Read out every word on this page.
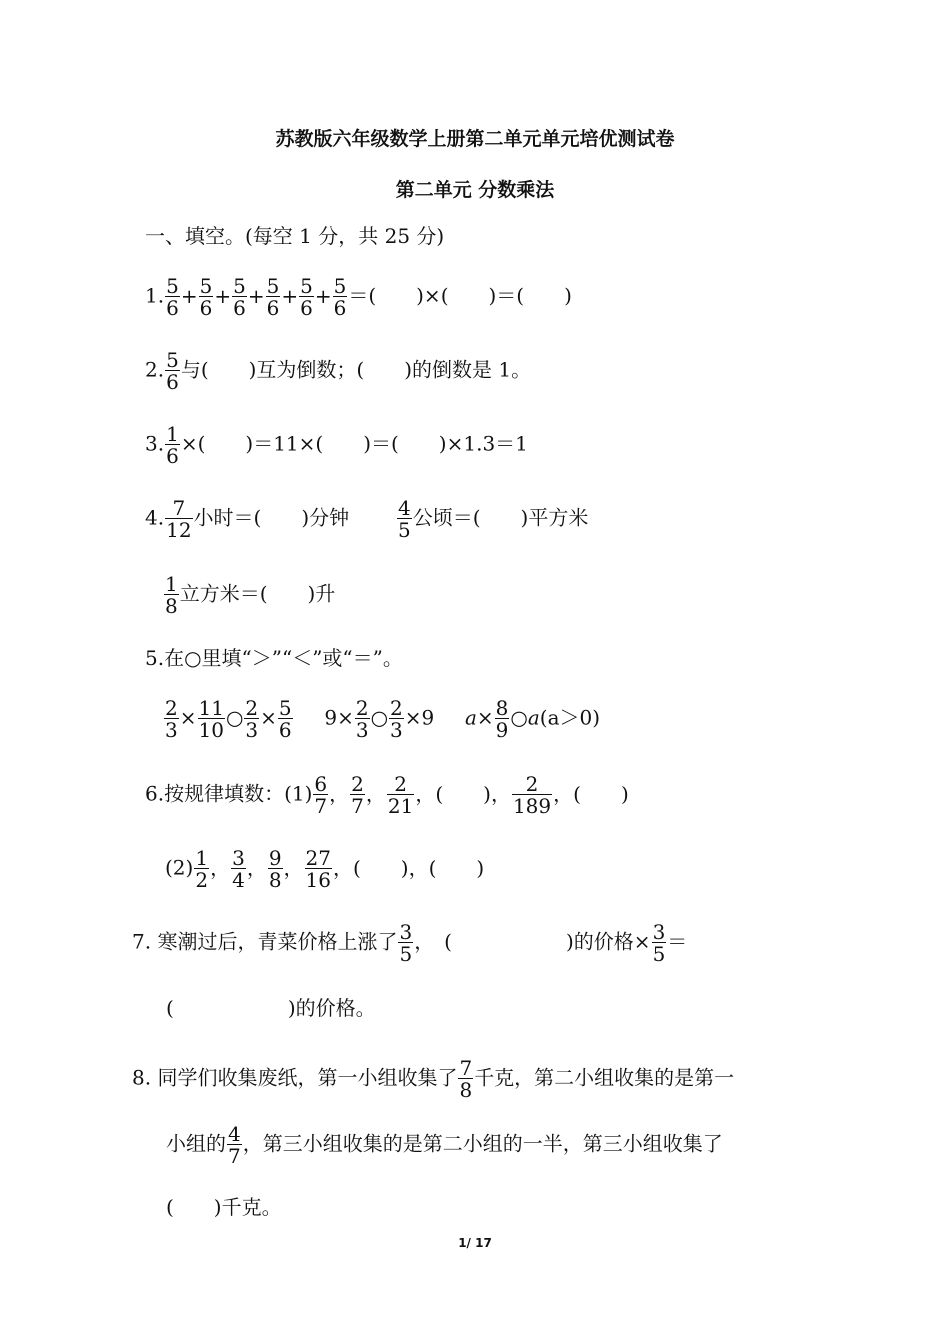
苏教版六年级数学上册第二单元单元培优测试卷
第二单元 分数乘法
一、填空。(每空 1 分，共 25 分)
1. $\frac{5}{6} + \frac{5}{6} + \frac{5}{6} + \frac{5}{6} + \frac{5}{6} + \frac{5}{6}$ ＝(　　)×(　　)＝(　　)
2. $\frac{5}{6}$ 与(　　)互为倒数；(　　)的倒数是 1。
3. $\frac{1}{6}$ ×(　　)＝11×(　　)＝(　　)×1.3＝1
4. $\frac{7}{12}$ 小时＝(　　)分钟 $\frac{4}{5}$ 公顷＝(　　)平方米
$\frac{1}{8}$ 立方米＝(　　)升
5.在○里填“＞”“＜”或“＝”。
$\frac{2}{3} \times \frac{11}{10}$ ○ $\frac{2}{3} \times \frac{5}{6} 9\times \frac{2}{3}$ ○ $\frac{2}{3} \times 9$ $a\times \frac{8}{9}$ ○a(a＞0)
6.按规律填数：$(1) \frac{6}{7}$ ， $\frac{2}{7}$ ， $\frac{2}{21}$ ，(　　)， $\frac{2}{189}$ ，(　　)
$(2) \frac{1}{2}$ ， $\frac{3}{4}$ ， $\frac{9}{8}$ ， $\frac{27}{16}$ ，(　　)，(　　)
7. 寒潮过后，青菜价格上涨了 $\frac{3}{5}$ ，　(	)的价格× $\frac{3}{5}$ ＝
(	)的价格。
8. 同学们收集废纸，第一小组收集了 $\frac{7}{8}$ 千克，第二小组收集的是第一
小组的 $\frac{4}{7}$ ，第三小组收集的是第二小组的一半，第三小组收集了
(　　)千克。
1/ 17
